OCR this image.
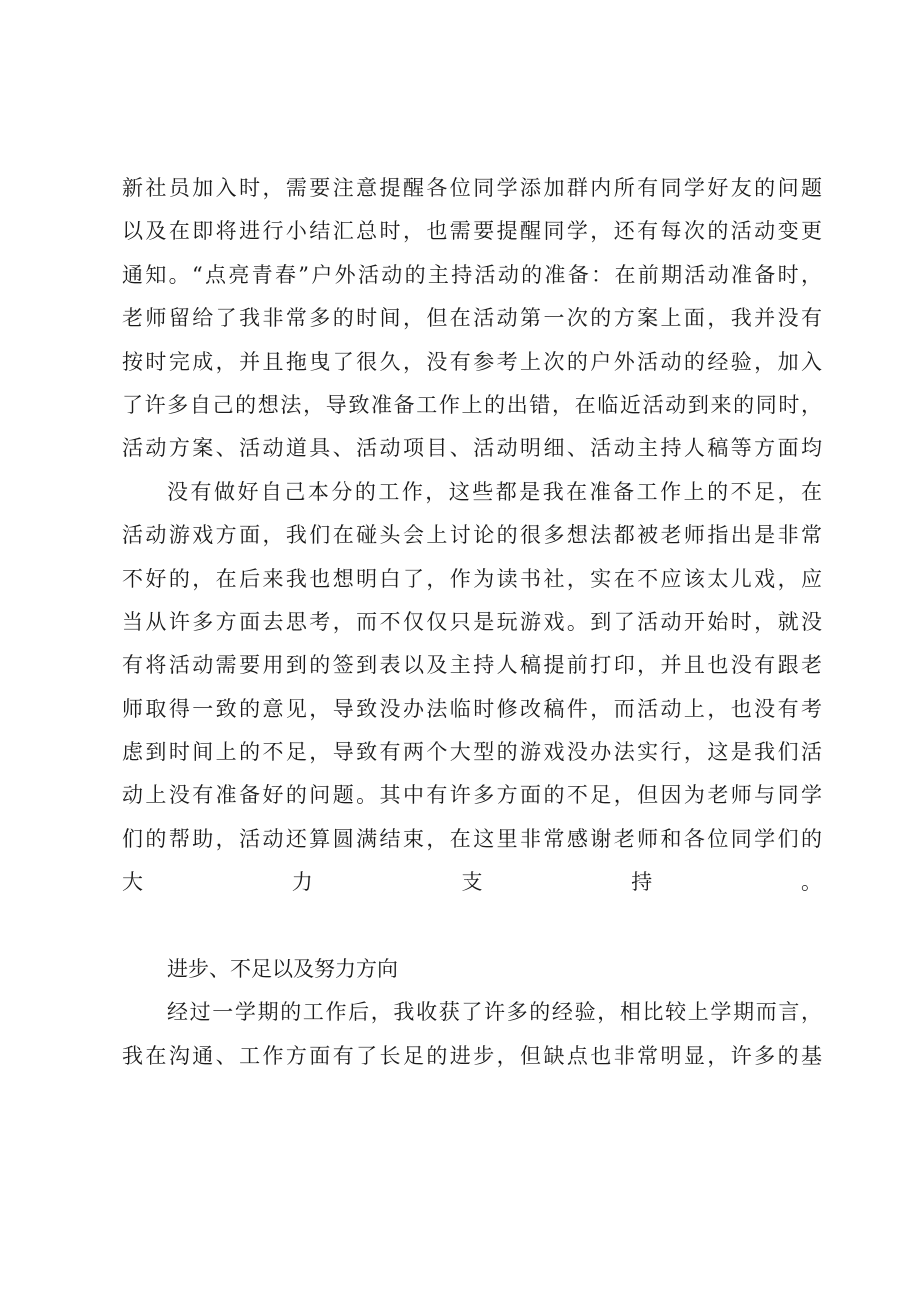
新社员加入时，需要注意提醒各位同学添加群内所有同学好友的问题
以及在即将进行小结汇总时，也需要提醒同学，还有每次的活动变更
通知。“点亮青春”户外活动的主持活动的准备：在前期活动准备时，
老师留给了我非常多的时间，但在活动第一次的方案上面，我并没有
按时完成，并且拖曳了很久，没有参考上次的户外活动的经验，加入
了许多自己的想法，导致准备工作上的出错，在临近活动到来的同时，
活动方案、活动道具、活动项目、活动明细、活动主持人稿等方面均
没有做好自己本分的工作，这些都是我在准备工作上的不足，在
活动游戏方面，我们在碰头会上讨论的很多想法都被老师指出是非常
不好的，在后来我也想明白了，作为读书社，实在不应该太儿戏，应
当从许多方面去思考，而不仅仅只是玩游戏。到了活动开始时，就没
有将活动需要用到的签到表以及主持人稿提前打印，并且也没有跟老
师取得一致的意见，导致没办法临时修改稿件，而活动上，也没有考
虑到时间上的不足，导致有两个大型的游戏没办法实行，这是我们活
动上没有准备好的问题。其中有许多方面的不足，但因为老师与同学
们的帮助，活动还算圆满结束，在这里非常感谢老师和各位同学们的
大力支持。
进步、不足以及努力方向
经过一学期的工作后，我收获了许多的经验，相比较上学期而言，
我在沟通、工作方面有了长足的进步，但缺点也非常明显，许多的基
